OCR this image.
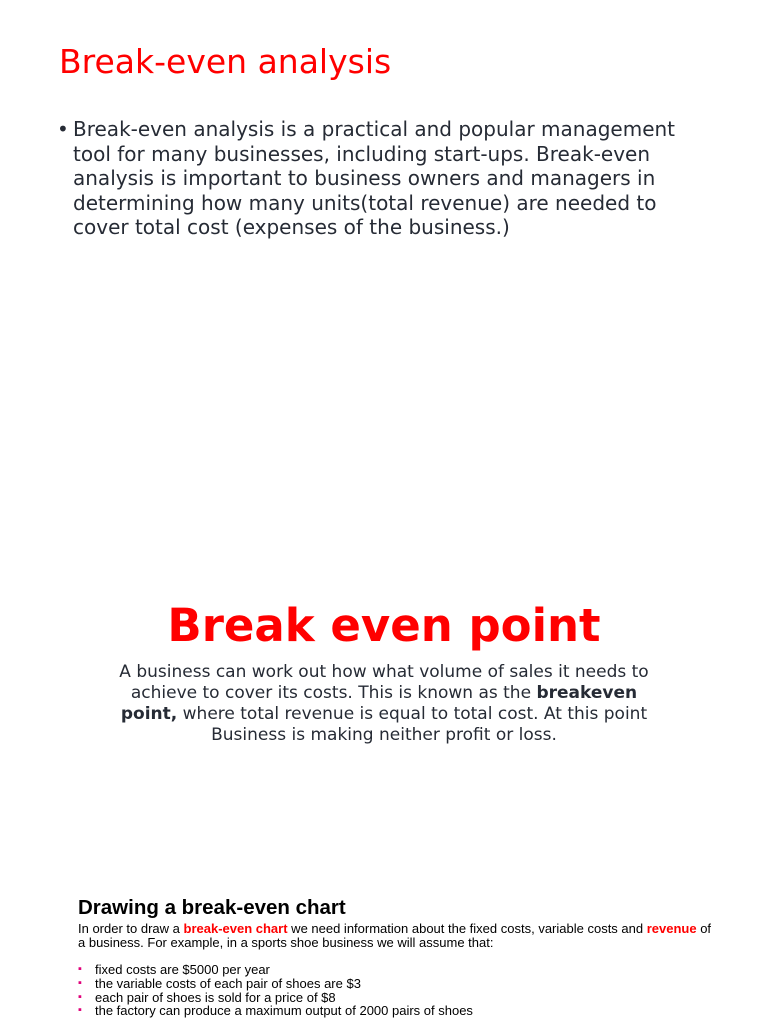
Break-even analysis
• Break-even analysis is a practical and popular management tool for many businesses, including start-ups. Break-even analysis is important to business owners and managers in determining how many units(total revenue) are needed to cover total cost (expenses of the business.)
Break even point

A business can work out how what volume of sales it needs to achieve to cover its costs. This is known as the breakeven point, where total revenue is equal to total cost. At this point Business is making neither profit or loss.

Drawing a break-even chart

In order to draw a break-even chart we need information about the fixed costs, variable costs and revenue of a business. For example, in a sports shoe business we will assume that:

▪	fixed costs are $5000 per year
▪	the variable costs of each pair of shoes are $3
▪	each pair of shoes is sold for a price of $8
▪	the factory can produce a maximum output of 2000 pairs of shoes
